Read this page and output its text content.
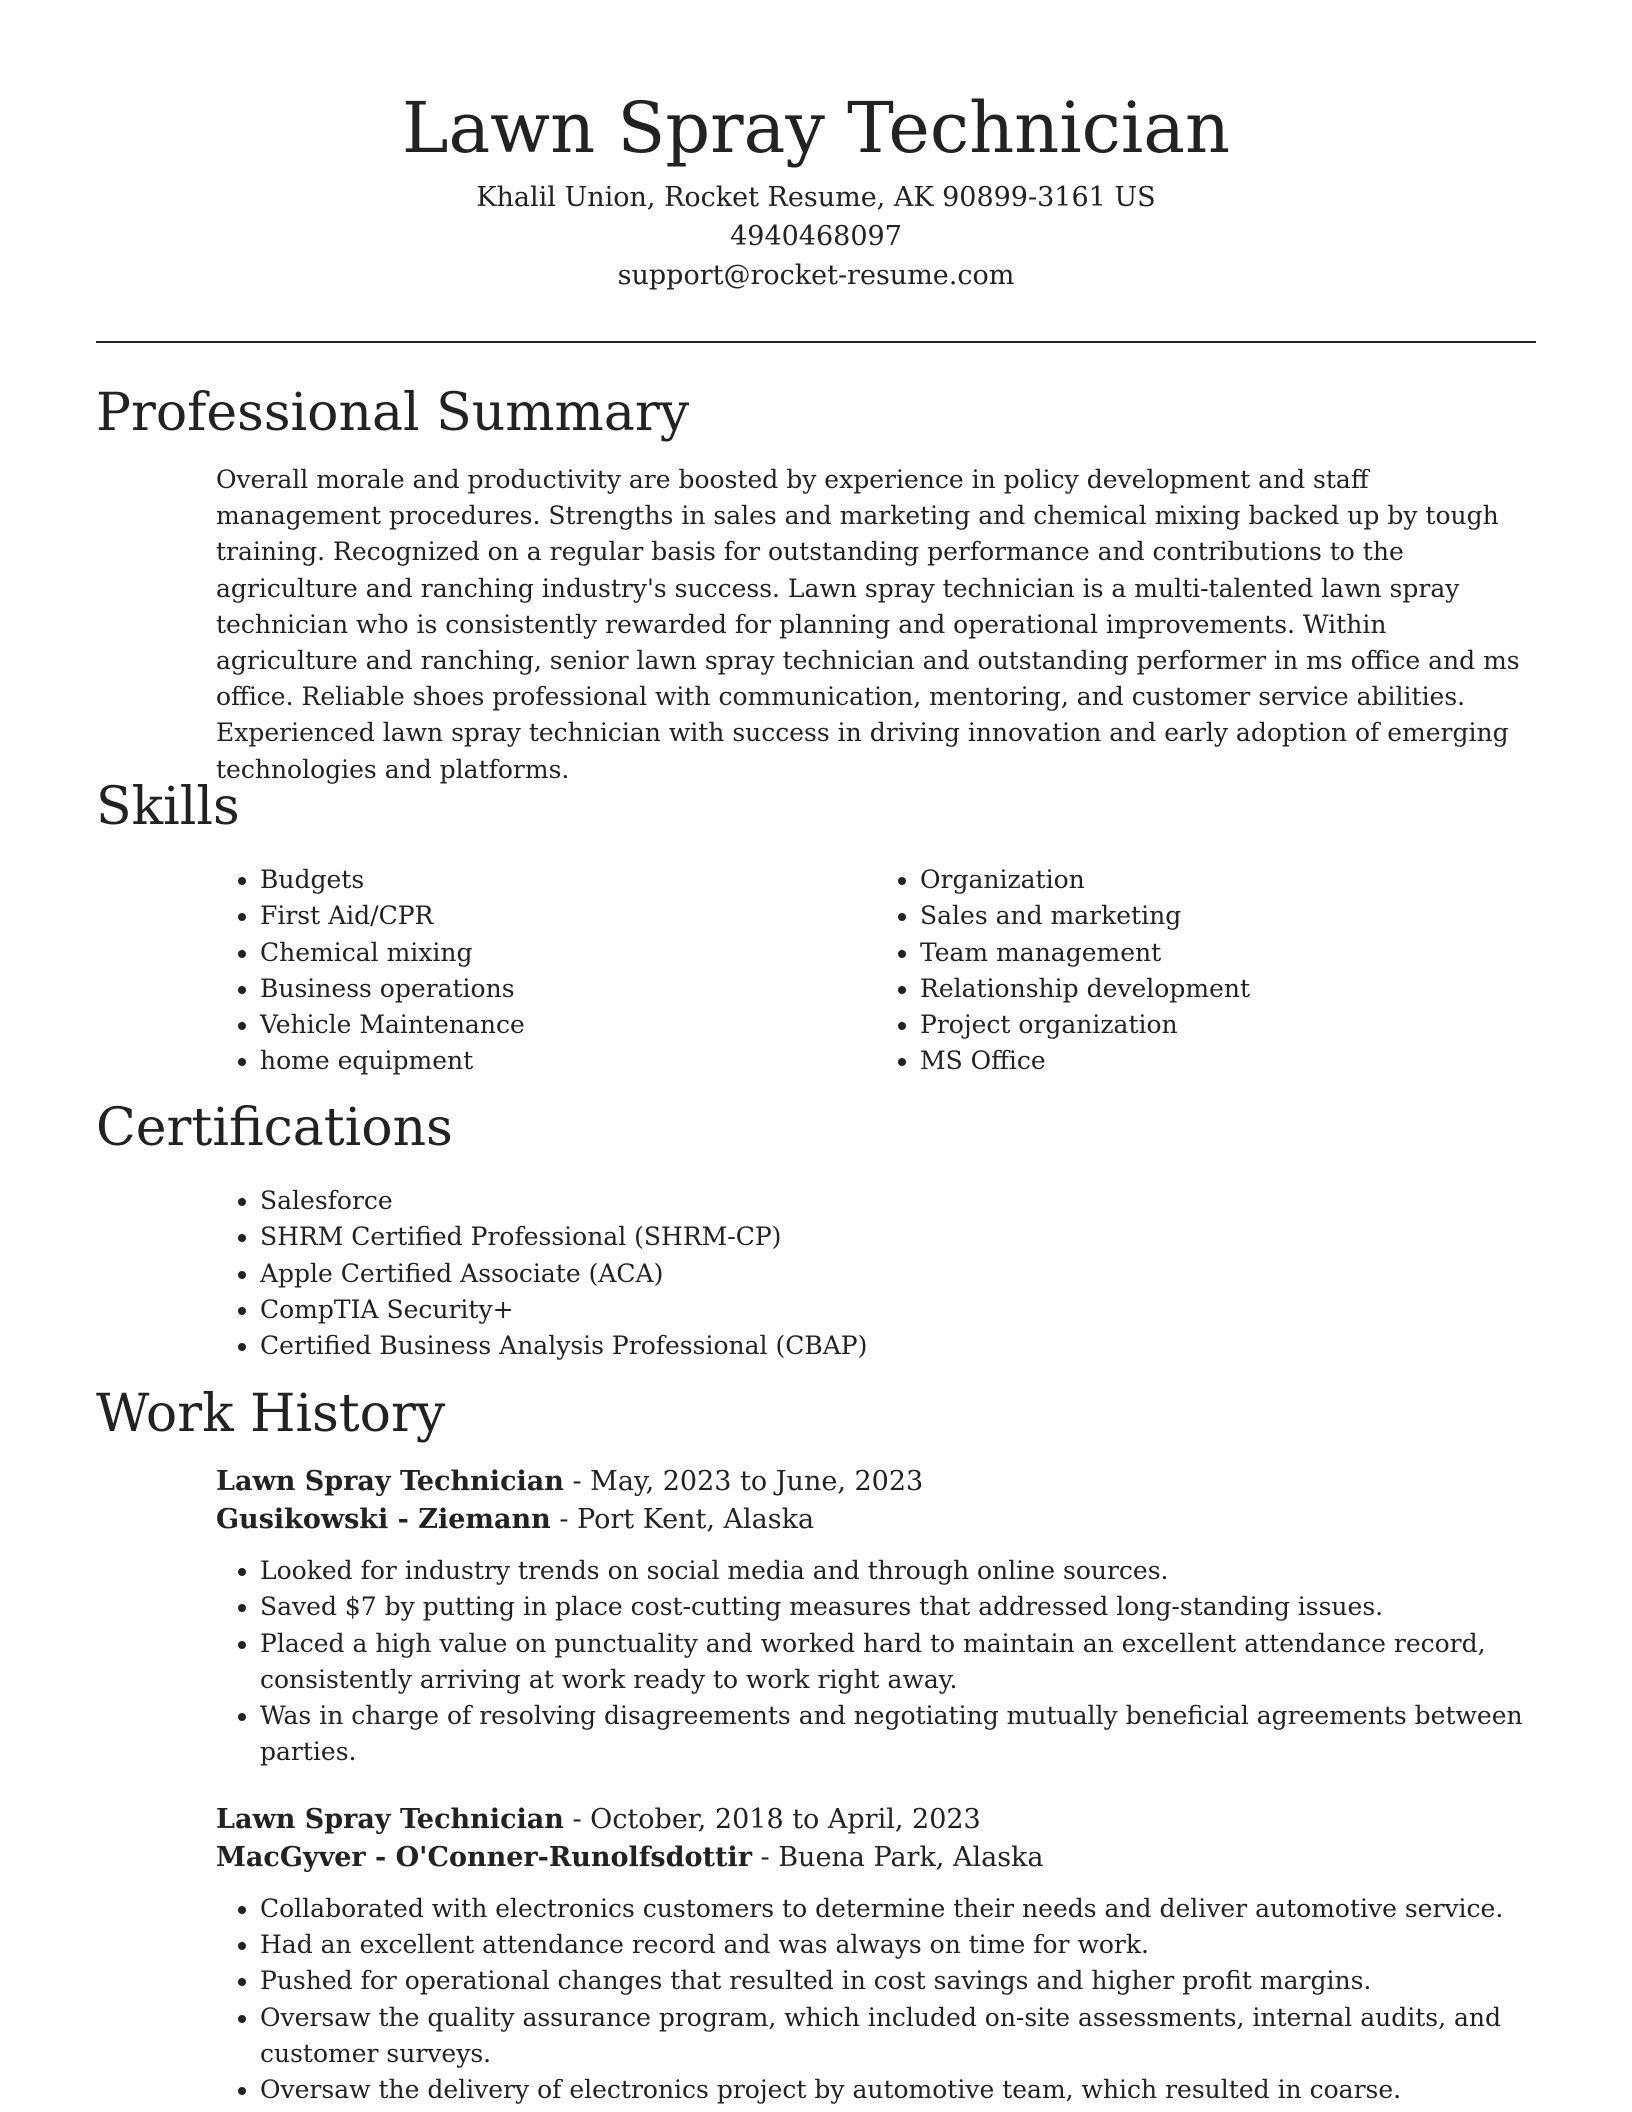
Lawn Spray Technician
Khalil Union, Rocket Resume, AK 90899-3161 US
4940468097
support@rocket-resume.com
Professional Summary
Overall morale and productivity are boosted by experience in policy development and staff management procedures. Strengths in sales and marketing and chemical mixing backed up by tough training. Recognized on a regular basis for outstanding performance and contributions to the agriculture and ranching industry's success. Lawn spray technician is a multi-talented lawn spray technician who is consistently rewarded for planning and operational improvements. Within agriculture and ranching, senior lawn spray technician and outstanding performer in ms office and ms office. Reliable shoes professional with communication, mentoring, and customer service abilities. Experienced lawn spray technician with success in driving innovation and early adoption of emerging technologies and platforms.
Skills
• Budgets
• First Aid/CPR
• Chemical mixing
• Business operations
• Vehicle Maintenance
• home equipment
• Organization
• Sales and marketing
• Team management
• Relationship development
• Project organization
• MS Office
Certifications
• Salesforce
• SHRM Certified Professional (SHRM-CP)
• Apple Certified Associate (ACA)
• CompTIA Security+
• Certified Business Analysis Professional (CBAP)
Work History
Lawn Spray Technician - May, 2023 to June, 2023
Gusikowski - Ziemann - Port Kent, Alaska
• Looked for industry trends on social media and through online sources.
• Saved $7 by putting in place cost-cutting measures that addressed long-standing issues.
• Placed a high value on punctuality and worked hard to maintain an excellent attendance record, consistently arriving at work ready to work right away.
• Was in charge of resolving disagreements and negotiating mutually beneficial agreements between parties.
Lawn Spray Technician - October, 2018 to April, 2023
MacGyver - O'Conner-Runolfsdottir - Buena Park, Alaska
• Collaborated with electronics customers to determine their needs and deliver automotive service.
• Had an excellent attendance record and was always on time for work.
• Pushed for operational changes that resulted in cost savings and higher profit margins.
• Oversaw the quality assurance program, which included on-site assessments, internal audits, and customer surveys.
• Oversaw the delivery of electronics project by automotive team, which resulted in coarse.
